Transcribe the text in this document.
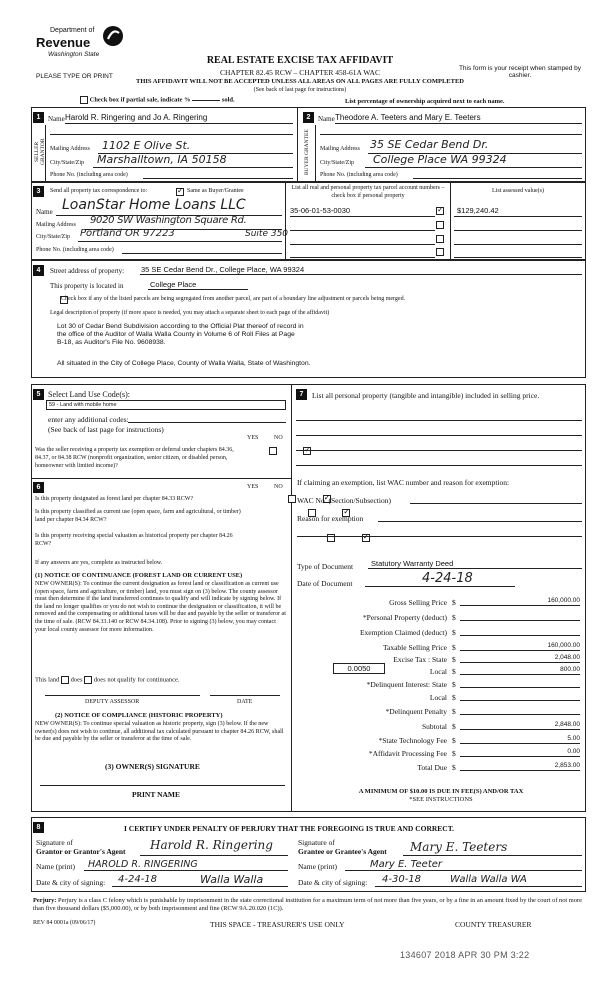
Department of
Revenue
Washington State
PLEASE TYPE OR PRINT
REAL ESTATE EXCISE TAX AFFIDAVIT
CHAPTER 82.45 RCW – CHAPTER 458-61A WAC
THIS AFFIDAVIT WILL NOT BE ACCEPTED UNLESS ALL AREAS ON ALL PAGES ARE FULLY COMPLETED
(See back of last page for instructions)
This form is your receipt when stamped by cashier.
Check box if partial sale, indicate %	sold.	List percentage of ownership acquired next to each name.
1
SELLER GRANTOR
Name Harold R. Ringering and Jo A. Ringering
Mailing Address 1102 E Olive St.
City/State/Zip Marshalltown, IA 50158
Phone No. (including area code)
2
BUYER GRANTEE
Name Theodore A. Teeters and Mary E. Teeters
Mailing Address 35 SE Cedar Bend Dr.
City/State/Zip College Place WA 99324
Phone No. (including area code)
3	Send all property tax correspondence to: ✓	Same as Buyer/Grantee
Name LoanStar Home Loans LLC
Mailing Address 9020 SW Washington Square Rd.
City/State/Zip Portland OR 97223	Suite 350
Phone No. (including area code)
List all real and personal property tax parcel account numbers – check box if personal property
List assessed value(s)
35-06-01-53-0030 ✓	$129,240.42
4	Street address of property: 35 SE Cedar Bend Dr., College Place, WA 99324
This property is located in	College Place

Check box if any of the listed parcels are being segregated from another parcel, are part of a boundary line adjustment or parcels being merged.
Legal description of property (if more space is needed, you may attach a separate sheet to each page of the affidavit)
Lot 30 of Cedar Bend Subdivision according to the Official Plat thereof of record in
the office of the Auditor of Walla Walla County in Volume 6 of Roll Files at Page
B-18, as Auditor's File No. 9608938.
All situated in the City of College Place, County of Walla Walla, State of Washington.
5 Select Land Use Code(s):
59 - Land with mobile home
enter any additional codes:
(See back of last page for instructions)
YES	NO
Was the seller receiving a property tax exemption or deferral under chapters 84.36, 84.37, or 84.38 RCW (nonprofit organization, senior citizen, or disabled person, homeowner with limited income)?
✓
6	YES	NO
Is this property designated as forest land per chapter 84.33 RCW?
✓
Is this property classified as current use (open space, farm and agricultural, or timber) land per chapter 84.34 RCW?
✓
Is this property receiving special valuation as historical property per chapter 84.26 RCW?
✓
If any answers are yes, complete as instructed below.
(1) NOTICE OF CONTINUANCE (FOREST LAND OR CURRENT USE)
NEW OWNER(S): To continue the current designation as forest land or classification as current use (open space, farm and agriculture, or timber) land, you must sign on (3) below. The county assessor must then determine if the land transferred continues to qualify and will indicate by signing below. If the land no longer qualifies or you do not wish to continue the designation or classification, it will be removed and the compensating or additional taxes will be due and payable by the seller or transferor at the time of sale. (RCW 84.33.140 or RCW 84.34.108). Prior to signing (3) below, you may contact your local county assessor for more information.
This land does does not qualify for continuance.
DEPUTY ASSESSOR	DATE
(2) NOTICE OF COMPLIANCE (HISTORIC PROPERTY)
NEW OWNER(S): To continue special valuation as historic property, sign (3) below. If the new owner(s) does not wish to continue, all additional tax calculated pursuant to chapter 84.26 RCW, shall be due and payable by the seller or transferor at the time of sale.
(3) OWNER(S) SIGNATURE
PRINT NAME
7	List all personal property (tangible and intangible) included in selling price.
If claiming an exemption, list WAC number and reason for exemption:
WAC No. (Section/Subsection)
Reason for exemption
Type of Document Statutory Warranty Deed
Date of Document	4-24-18
Gross Selling Price $	160,000.00
*Personal Property (deduct) $
Exemption Claimed (deduct) $
Taxable Selling Price $	160,000.00
Excise Tax : State $	2,048.00
Local $	800.00
*Delinquent Interest: State $
Local $
*Delinquent Penalty $
Subtotal $	2,848.00
*State Technology Fee $	5.00
*Affidavit Processing Fee $	0.00
Total Due $	2,853.00
0.0050
A MINIMUM OF $10.00 IS DUE IN FEE(S) AND/OR TAX
*SEE INSTRUCTIONS
8	I CERTIFY UNDER PENALTY OF PERJURY THAT THE FOREGOING IS TRUE AND CORRECT.
Signature of
Grantor or Grantor's Agent Harold R. Ringering
Name (print) HAROLD R. RINGERING
Date & city of signing: 4-24-18	Walla Walla
Signature of
Grantee or Grantee's Agent Mary E. Teeters
Name (print)	Mary E. Teeter
Date & city of signing: 4-30-18	Walla Walla WA
Perjury: Perjury is a class C felony which is punishable by imprisonment in the state correctional institution for a maximum term of not more than five years, or by a fine in an amount fixed by the court of not more than five thousand dollars ($5,000.00), or by both imprisonment and fine (RCW 9A.20.020 (1C)).
REV 84 0001a (09/06/17)	THIS SPACE - TREASURER'S USE ONLY	COUNTY TREASURER
134607 2018 APR 30 PM 3:22
